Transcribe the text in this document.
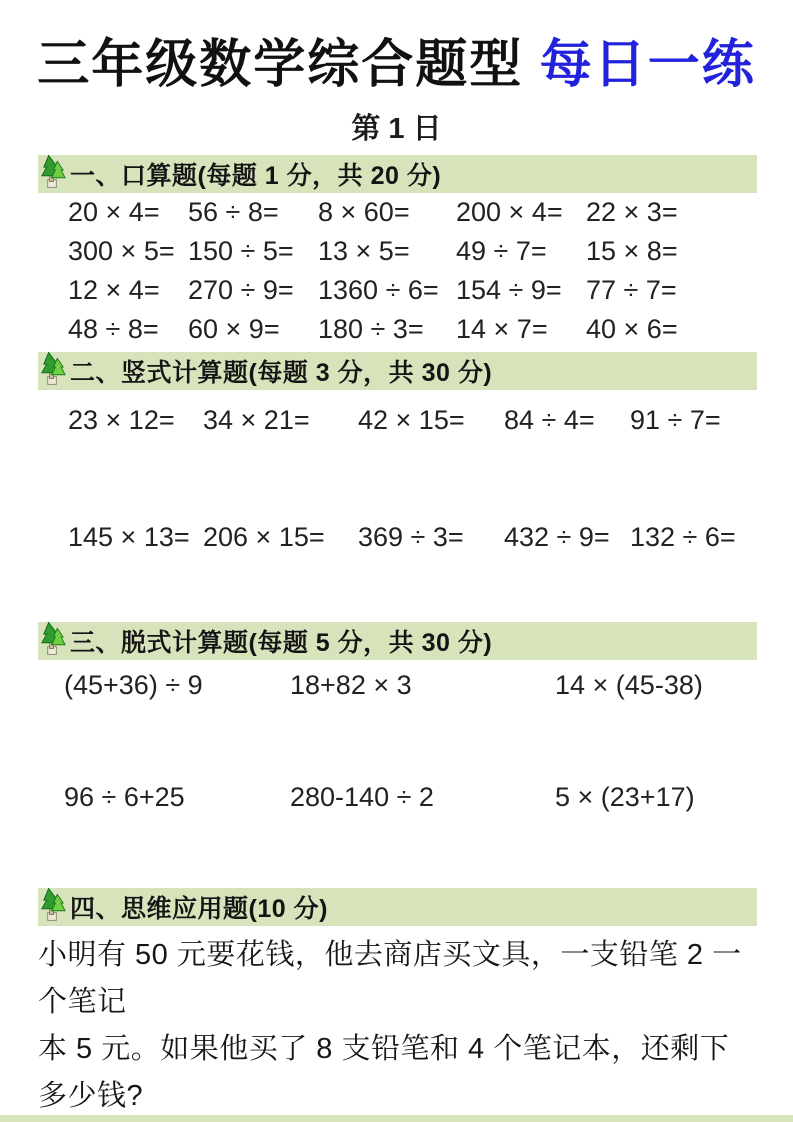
三年级数学综合题型 每日一练
第 1 日
一、口算题(每题 1 分，共 20 分)
20 × 4=	56 ÷ 8=	8 × 60=	200 × 4= 22 × 3=
300 × 5= 150 ÷ 5= 13 × 5=	49 ÷ 7=	15 × 8=
12 × 4=	270 ÷ 9= 1360 ÷ 6= 154 ÷ 9= 77 ÷ 7=
48 ÷ 8=	60 × 9=	180 ÷ 3=	14 × 7=	40 × 6=
二、竖式计算题(每题 3 分，共 30 分)
23 × 12=	34 × 21=	42 × 15=	84 ÷ 4=	91 ÷ 7=
145 × 13= 206 × 15=	369 ÷ 3=	432 ÷ 9= 132 ÷ 6=
三、脱式计算题(每题 5 分，共 30 分)
(45+36) ÷ 9	18+82 × 3	14 × (45-38)
96 ÷ 6+25	280-140 ÷ 2	5 × (23+17)
四、思维应用题(10 分)
小明有 50 元要花钱，他去商店买文具，一支铅笔 2 一个笔记
本 5 元。如果他买了 8 支铅笔和 4 个笔记本，还剩下多少钱?
